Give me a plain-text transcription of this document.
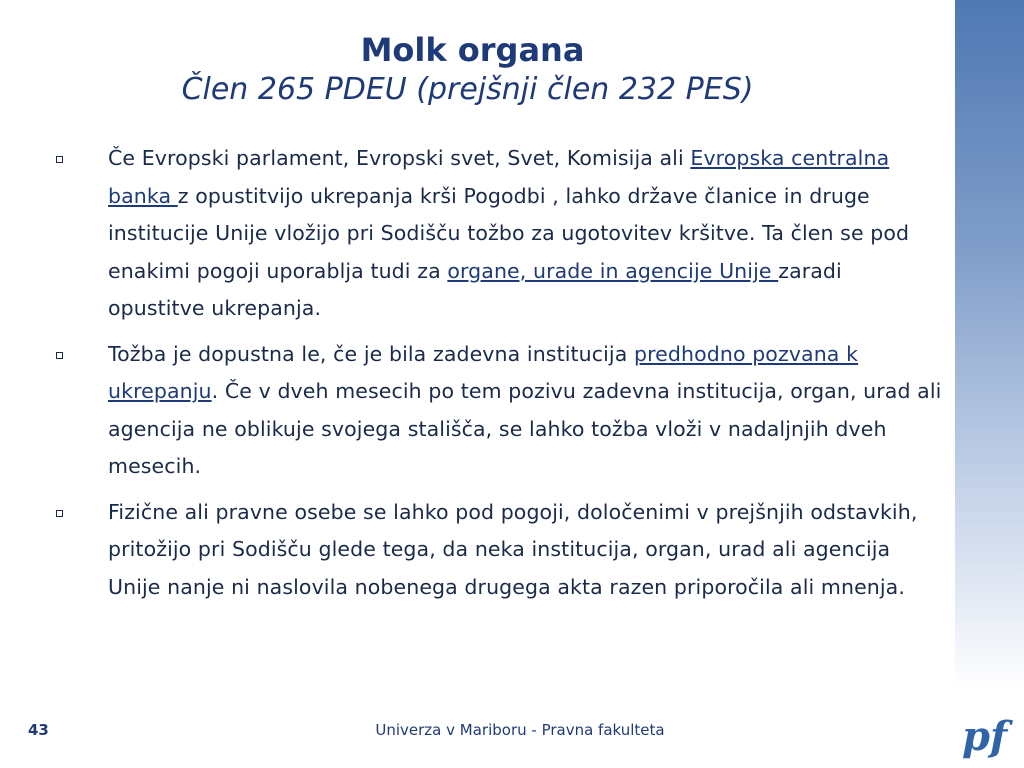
Molk organa
Člen 265 PDEU (prejšnji člen 232 PES)
Če Evropski parlament, Evropski svet, Svet, Komisija ali Evropska centralna banka z opustitvijo ukrepanja krši Pogodbi , lahko države članice in druge institucije Unije vložijo pri Sodišču tožbo za ugotovitev kršitve. Ta člen se pod enakimi pogoji uporablja tudi za organe, urade in agencije Unije zaradi opustitve ukrepanja.
Tožba je dopustna le, če je bila zadevna institucija predhodno pozvana k ukrepanju. Če v dveh mesecih po tem pozivu zadevna institucija, organ, urad ali agencija ne oblikuje svojega stališča, se lahko tožba vloži v nadaljnjih dveh mesecih.
Fizične ali pravne osebe se lahko pod pogoji, določenimi v prejšnjih odstavkih, pritožijo pri Sodišču glede tega, da neka institucija, organ, urad ali agencija Unije nanje ni naslovila nobenega drugega akta razen priporočila ali mnenja.
43	Univerza v Mariboru - Pravna fakulteta	pf
